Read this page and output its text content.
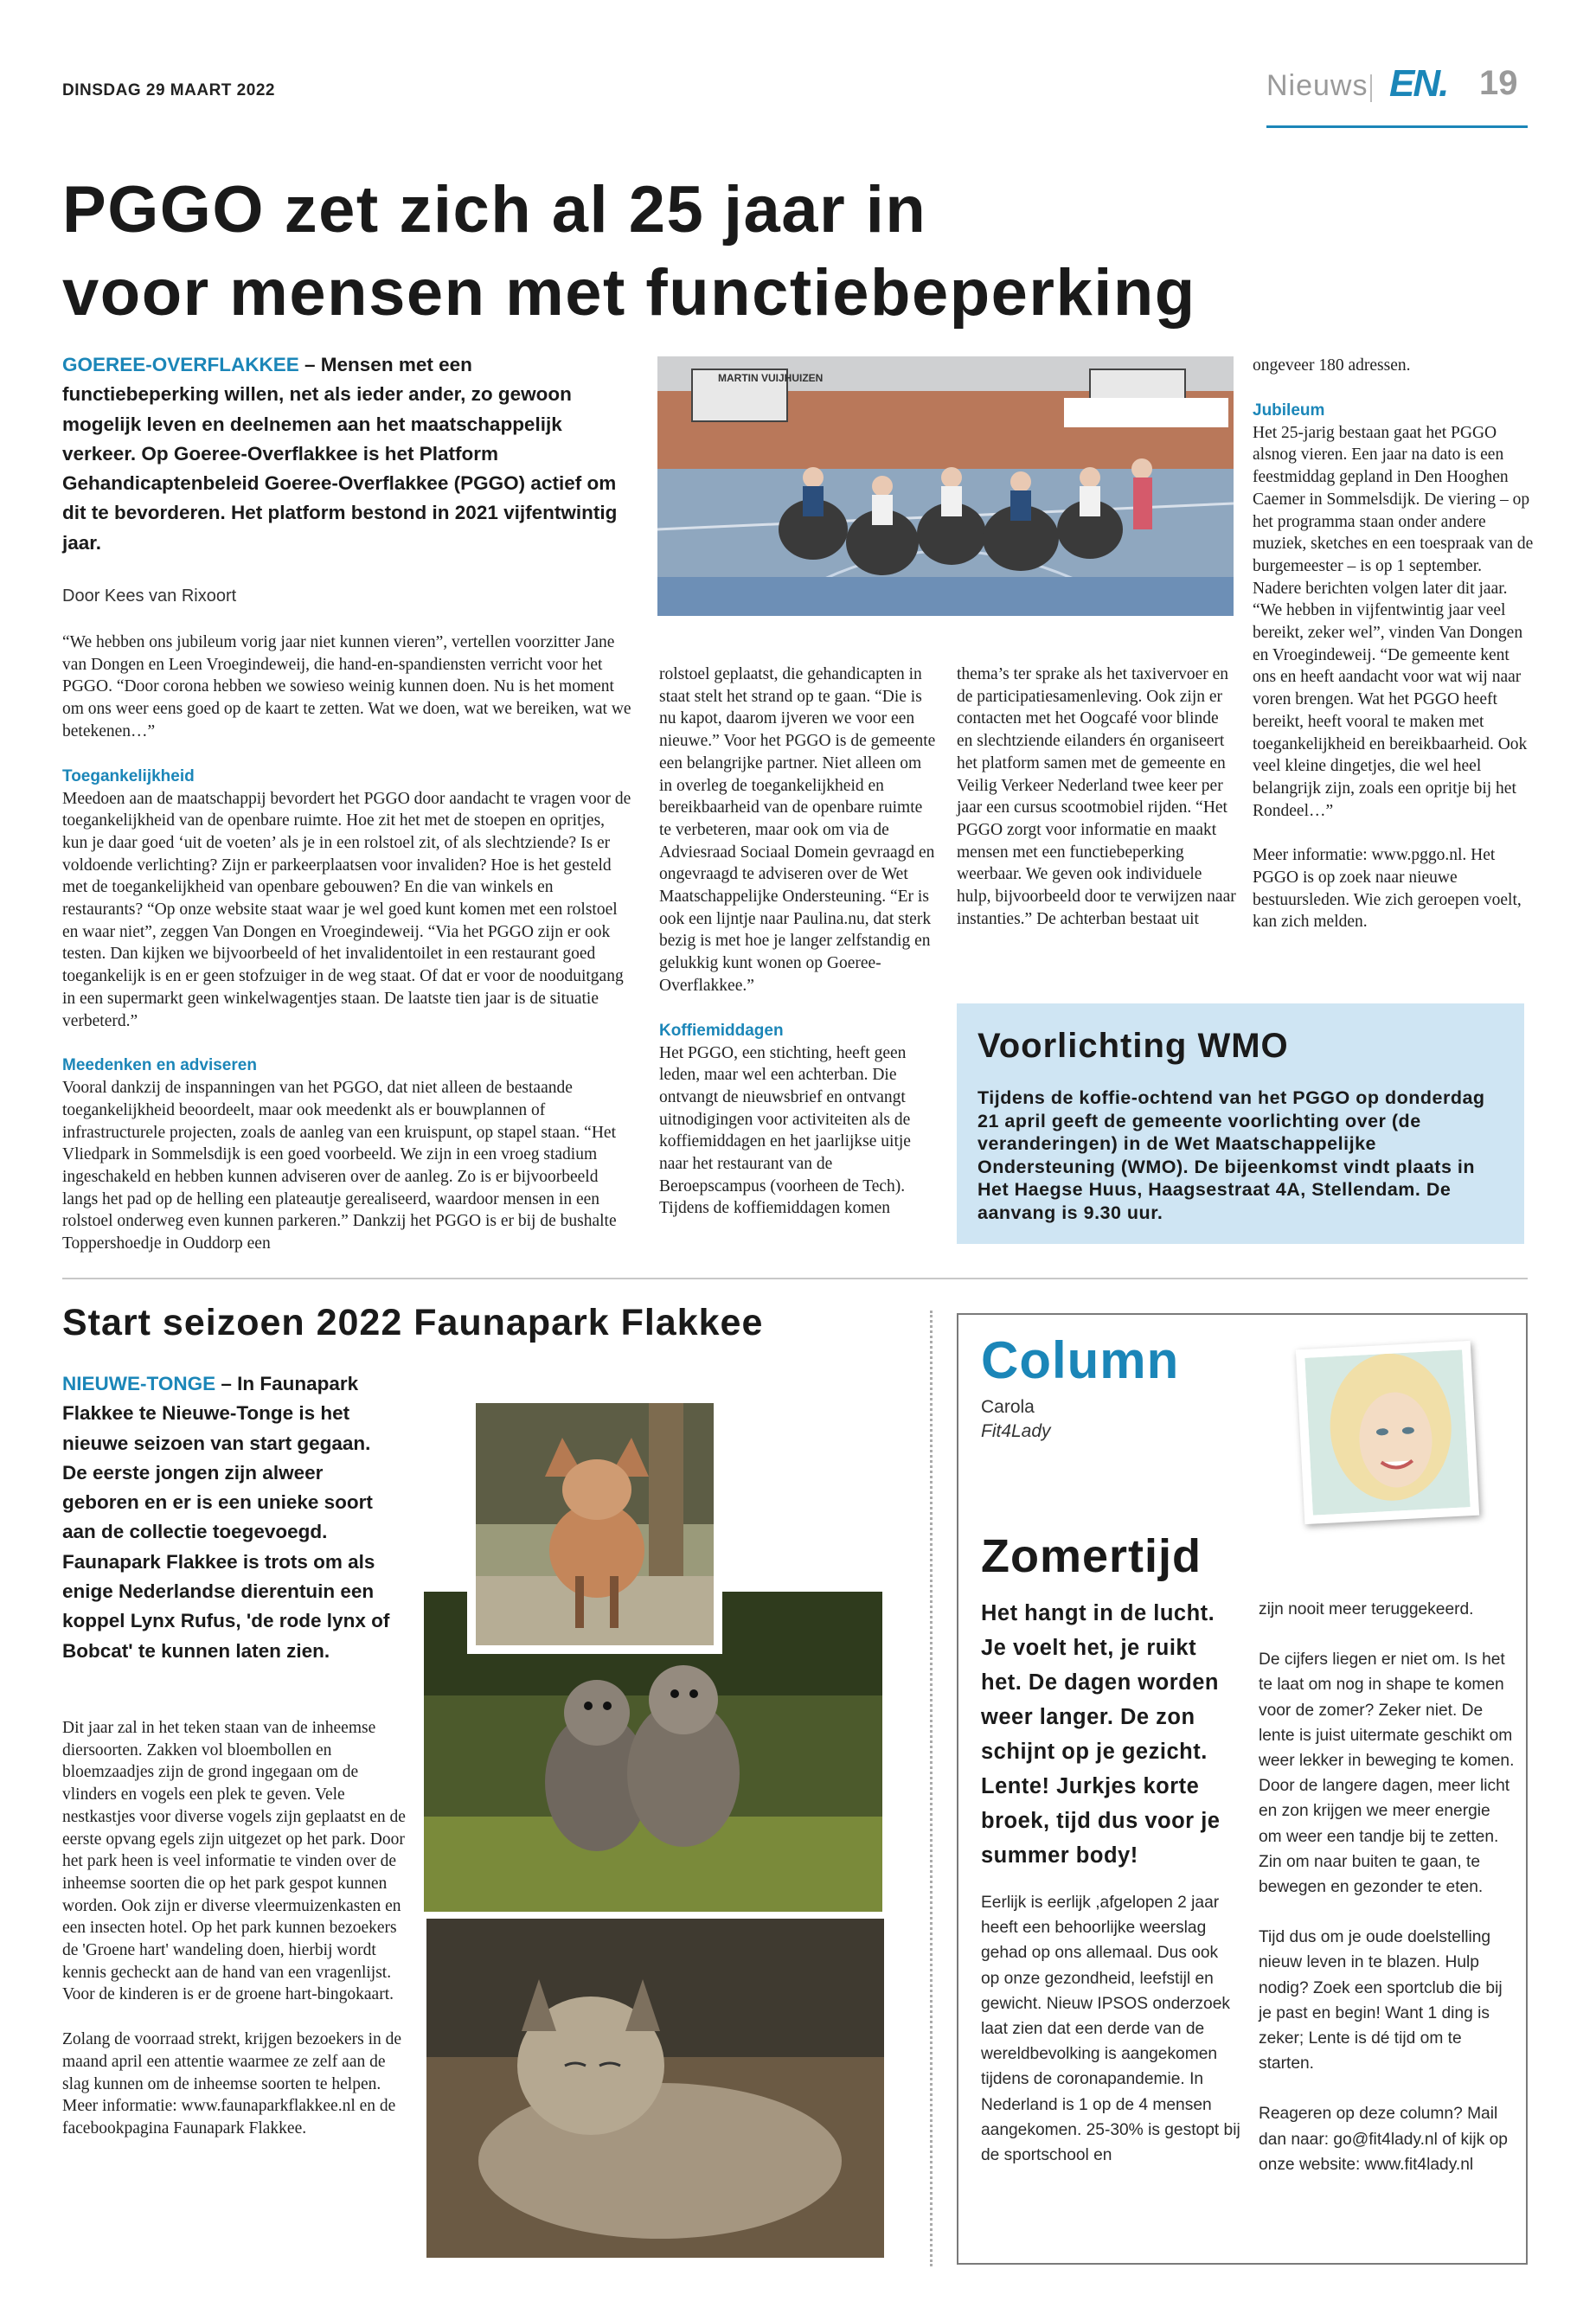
DINSDAG 29 MAART 2022	Nieuws EN. 19
PGGO zet zich al 25 jaar in
voor mensen met functiebeperking
GOEREE-OVERFLAKKEE – Mensen met een functiebeperking willen, net als ieder ander, zo gewoon mogelijk leven en deelnemen aan het maatschappelijk verkeer. Op Goeree-Overflakkee is het Platform Gehandicaptenbeleid Goeree-Overflakkee (PGGO) actief om dit te bevorderen. Het platform bestond in 2021 vijfentwintig jaar.
Door Kees van Rixoort
MARTIN VUIJHUIZEN

“We hebben ons jubileum vorig jaar niet kunnen vieren”, vertellen voorzitter Jane van Dongen en Leen Vroegindeweij, die hand-en-spandiensten verricht voor het PGGO. “Door corona hebben we sowieso weinig kunnen doen. Nu is het moment om ons weer eens goed op de kaart te zetten. Wat we doen, wat we bereiken, wat we betekenen…”

Toegankelijkheid

Meedoen aan de maatschappij bevordert het PGGO door aandacht te vragen voor de toegankelijkheid van de openbare ruimte. Hoe zit het met de stoepen en opritjes, kun je daar goed ‘uit de voeten’ als je in een rolstoel zit, of als slechtziende? Is er voldoende verlichting? Zijn er parkeerplaatsen voor invaliden? Hoe is het gesteld met de toegankelijkheid van openbare gebouwen? En die van winkels en restaurants? “Op onze website staat waar je wel goed kunt komen met een rolstoel en waar niet”, zeggen Van Dongen en Vroegindeweij. “Via het PGGO zijn er ook testen. Dan kijken we bijvoorbeeld of het invalidentoilet in een restaurant goed toegankelijk is en er geen stofzuiger in de weg staat. Of dat er voor de nooduitgang in een supermarkt geen winkelwagentjes staan. De laatste tien jaar is de situatie verbeterd.”

Meedenken en adviseren

Vooral dankzij de inspanningen van het PGGO, dat niet alleen de bestaande toegankelijkheid beoordeelt, maar ook meedenkt als er bouwplannen of infrastructurele projecten, zoals de aanleg van een kruispunt, op stapel staan. “Het Vliedpark in Sommelsdijk is een goed voorbeeld. We zijn in een vroeg stadium ingeschakeld en hebben kunnen adviseren over de aanleg. Zo is er bijvoorbeeld langs het pad op de helling een plateautje gerealiseerd, waardoor mensen in een rolstoel onderweg even kunnen parkeren.” Dankzij het PGGO is er bij de bushalte Toppershoedje in Ouddorp een

rolstoel geplaatst, die gehandicapten in staat stelt het strand op te gaan. “Die is nu kapot, daarom ijveren we voor een nieuwe.” Voor het PGGO is de gemeente een belangrijke partner. Niet alleen om in overleg de toegankelijkheid en bereikbaarheid van de openbare ruimte te verbeteren, maar ook om via de Adviesraad Sociaal Domein gevraagd en ongevraagd te adviseren over de Wet Maatschappelijke Ondersteuning. “Er is ook een lijntje naar Paulina.nu, dat sterk bezig is met hoe je langer zelfstandig en gelukkig kunt wonen op Goeree-Overflakkee.”

Koffiemiddagen

Het PGGO, een stichting, heeft geen leden, maar wel een achterban. Die ontvangt de nieuwsbrief en ontvangt uitnodigingen voor activiteiten als de koffiemiddagen en het jaarlijkse uitje naar het restaurant van de Beroepscampus (voorheen de Tech). Tijdens de koffiemiddagen komen

thema’s ter sprake als het taxivervoer en de participatiesamenleving. Ook zijn er contacten met het Oogcafé voor blinde en slechtziende eilanders én organiseert het platform samen met de gemeente en Veilig Verkeer Nederland twee keer per jaar een cursus scootmobiel rijden. “Het PGGO zorgt voor informatie en maakt mensen met een functiebeperking weerbaar. We geven ook individuele hulp, bijvoorbeeld door te verwijzen naar instanties.” De achterban bestaat uit

ongeveer 180 adressen.

Jubileum

Het 25-jarig bestaan gaat het PGGO alsnog vieren. Een jaar na dato is een feestmiddag gepland in Den Hooghen Caemer in Sommelsdijk. De viering – op het programma staan onder andere muziek, sketches en een toespraak van de burgemeester – is op 1 september. Nadere berichten volgen later dit jaar. “We hebben in vijfentwintig jaar veel bereikt, zeker wel”, vinden Van Dongen en Vroegindeweij. “De gemeente kent ons en heeft aandacht voor wat wij naar voren brengen. Wat het PGGO heeft bereikt, heeft vooral te maken met toegankelijkheid en bereikbaarheid. Ook veel kleine dingetjes, die wel heel belangrijk zijn, zoals een opritje bij het Rondeel…”

Meer informatie: www.pggo.nl. Het PGGO is op zoek naar nieuwe bestuursleden. Wie zich geroepen voelt, kan zich melden.

Voorlichting WMO
Tijdens de koffie-ochtend van het PGGO op donderdag 21 april geeft de gemeente voorlichting over (de veranderingen) in de Wet Maatschappelijke Ondersteuning (WMO). De bijeenkomst vindt plaats in Het Haegse Huus, Haagsestraat 4A, Stellendam. De aanvang is 9.30 uur.
Start seizoen 2022 Faunapark Flakkee
NIEUWE-TONGE – In Faunapark Flakkee te Nieuwe-Tonge is het nieuwe seizoen van start gegaan. De eerste jongen zijn alweer geboren en er is een unieke soort aan de collectie toegevoegd. Faunapark Flakkee is trots om als enige Nederlandse dierentuin een koppel Lynx Rufus, 'de rode lynx of Bobcat' te kunnen laten zien.

Dit jaar zal in het teken staan van de inheemse diersoorten. Zakken vol bloembollen en bloemzaadjes zijn de grond ingegaan om de vlinders en vogels een plek te geven. Vele nestkastjes voor diverse vogels zijn geplaatst en de eerste opvang egels zijn uitgezet op het park. Door het park heen is veel informatie te vinden over de inheemse soorten die op het park gespot kunnen worden. Ook zijn er diverse vleermuizenkasten en een insecten hotel. Op het park kunnen bezoekers de 'Groene hart' wandeling doen, hierbij wordt kennis gecheckt aan de hand van een vragenlijst. Voor de kinderen is er de groene hart-bingokaart.

Zolang de voorraad strekt, krijgen bezoekers in de maand april een attentie waarmee ze zelf aan de slag kunnen om de inheemse soorten te helpen. Meer informatie: www.faunaparkflakkee.nl en de facebookpagina Faunapark Flakkee.

Column
Carola
Fit4Lady
Zomertijd
Het hangt in de lucht. Je voelt het, je ruikt het. De dagen worden weer langer. De zon schijnt op je gezicht. Lente! Jurkjes korte broek, tijd dus voor je summer body!
Eerlijk is eerlijk ,afgelopen 2 jaar heeft een behoorlijke weerslag gehad op ons allemaal. Dus ook op onze gezondheid, leefstijl en gewicht. Nieuw IPSOS onderzoek laat zien dat een derde van de wereldbevolking is aangekomen tijdens de coronapandemie. In Nederland is 1 op de 4 mensen aangekomen. 25-30% is gestopt bij de sportschool en

zijn nooit meer teruggekeerd.

De cijfers liegen er niet om. Is het te laat om nog in shape te komen voor de zomer? Zeker niet. De lente is juist uitermate geschikt om weer lekker in beweging te komen. Door de langere dagen, meer licht en zon krijgen we meer energie om weer een tandje bij te zetten. Zin om naar buiten te gaan, te bewegen en gezonder te eten.

Tijd dus om je oude doelstelling nieuw leven in te blazen. Hulp nodig? Zoek een sportclub die bij je past en begin! Want 1 ding is zeker; Lente is dé tijd om te starten.

Reageren op deze column? Mail dan naar: go@fit4lady.nl of kijk op onze website: www.fit4lady.nl
